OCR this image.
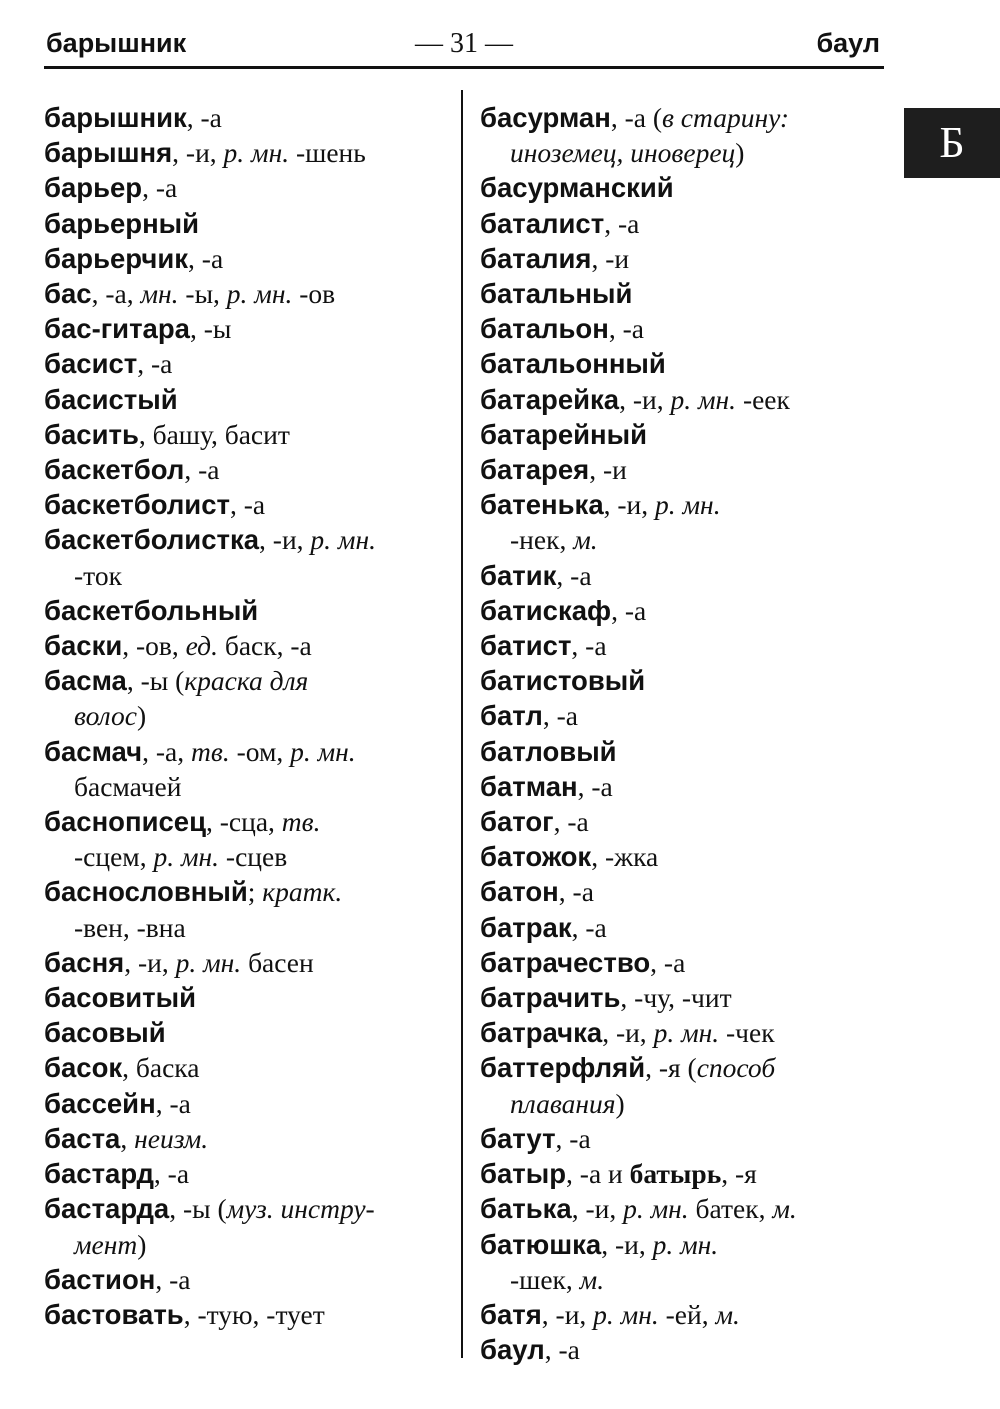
барышник	— 31 —	баул
Б
барышник, -а
барышня, -и, р. мн. -шень
барьер, -а
барьерный
барьерчик, -а
бас, -а, мн. -ы, р. мн. -ов
бас-гитара, -ы
басист, -а
басистый
басить, башу, басит
баскетбол, -а
баскетболист, -а
баскетболистка, -и, р. мн.
-ток
баскетбольный
баски, -ов, ед. баск, -а
басма, -ы (краска для
волос)
басмач, -а, тв. -ом, р. мн.
басмачей
баснописец, -сца, тв.
-сцем, р. мн. -сцев
баснословный; кратк.
-вен, -вна
басня, -и, р. мн. басен
басовитый
басовый
басок, баска
бассейн, -а
баста, неизм.
бастард, -а
бастарда, -ы (муз. инстру-
мент)
бастион, -а
бастовать, -тую, -тует
басурман, -а (в старину:
иноземец, иноверец)
басурманский
баталист, -а
баталия, -и
батальный
батальон, -а
батальонный
батарейка, -и, р. мн. -еек
батарейный
батарея, -и
батенька, -и, р. мн.
-нек, м.
батик, -а
батискаф, -а
батист, -а
батистовый
батл, -а
батловый
батман, -а
батог, -а
батожок, -жка
батон, -а
батрак, -а
батрачество, -а
батрачить, -чу, -чит
батрачка, -и, р. мн. -чек
баттерфляй, -я (способ
плавания)
батут, -а
батыр, -а и батырь, -я
батька, -и, р. мн. батек, м.
батюшка, -и, р. мн.
-шек, м.
батя, -и, р. мн. -ей, м.
баул, -а
